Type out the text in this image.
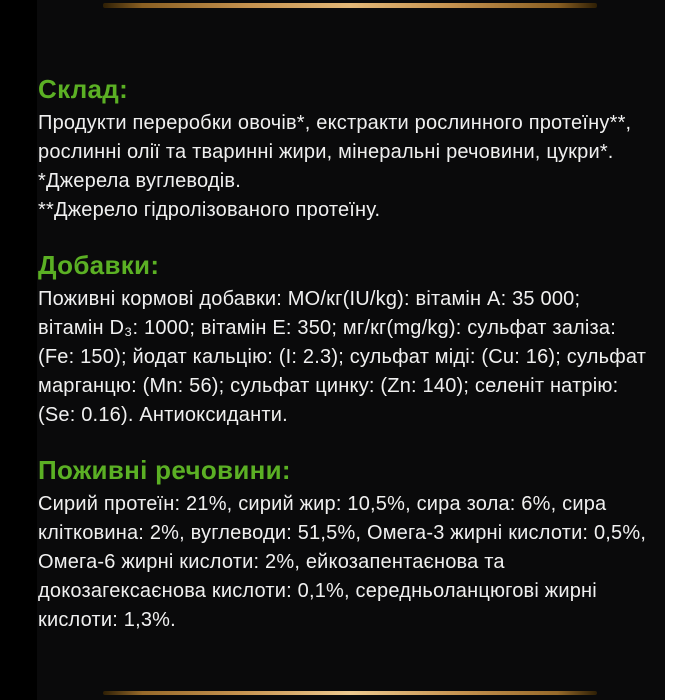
Склад:

Продукти переробки овочів*, екстракти рослинного протеїну**, рослинні олії та тваринні жири, мінеральні речовини, цукри*.

*Джерела вуглеводів.

**Джерело гідролізованого протеїну.

Добавки:

Поживні кормові добавки: МО/кг(IU/kg): вітамін A: 35 000; вітамін D₃: 1000; вітамін E: 350; мг/кг(mg/kg): сульфат заліза: (Fe: 150); йодат кальцію: (I: 2.3); сульфат міді: (Cu: 16); сульфат марганцю: (Mn: 56); сульфат цинку: (Zn: 140); селеніт натрію: (Se: 0.16). Антиоксиданти.

Поживні речовини:

Сирий протеїн: 21%, сирий жир: 10,5%, сира зола: 6%, сира клітковина: 2%, вуглеводи: 51,5%, Омега-3 жирні кислоти: 0,5%, Омега-6 жирні кислоти: 2%, ейкозапентаєнова та докозагексаєнова кислоти: 0,1%, середньоланцюгові жирні кислоти: 1,3%.
